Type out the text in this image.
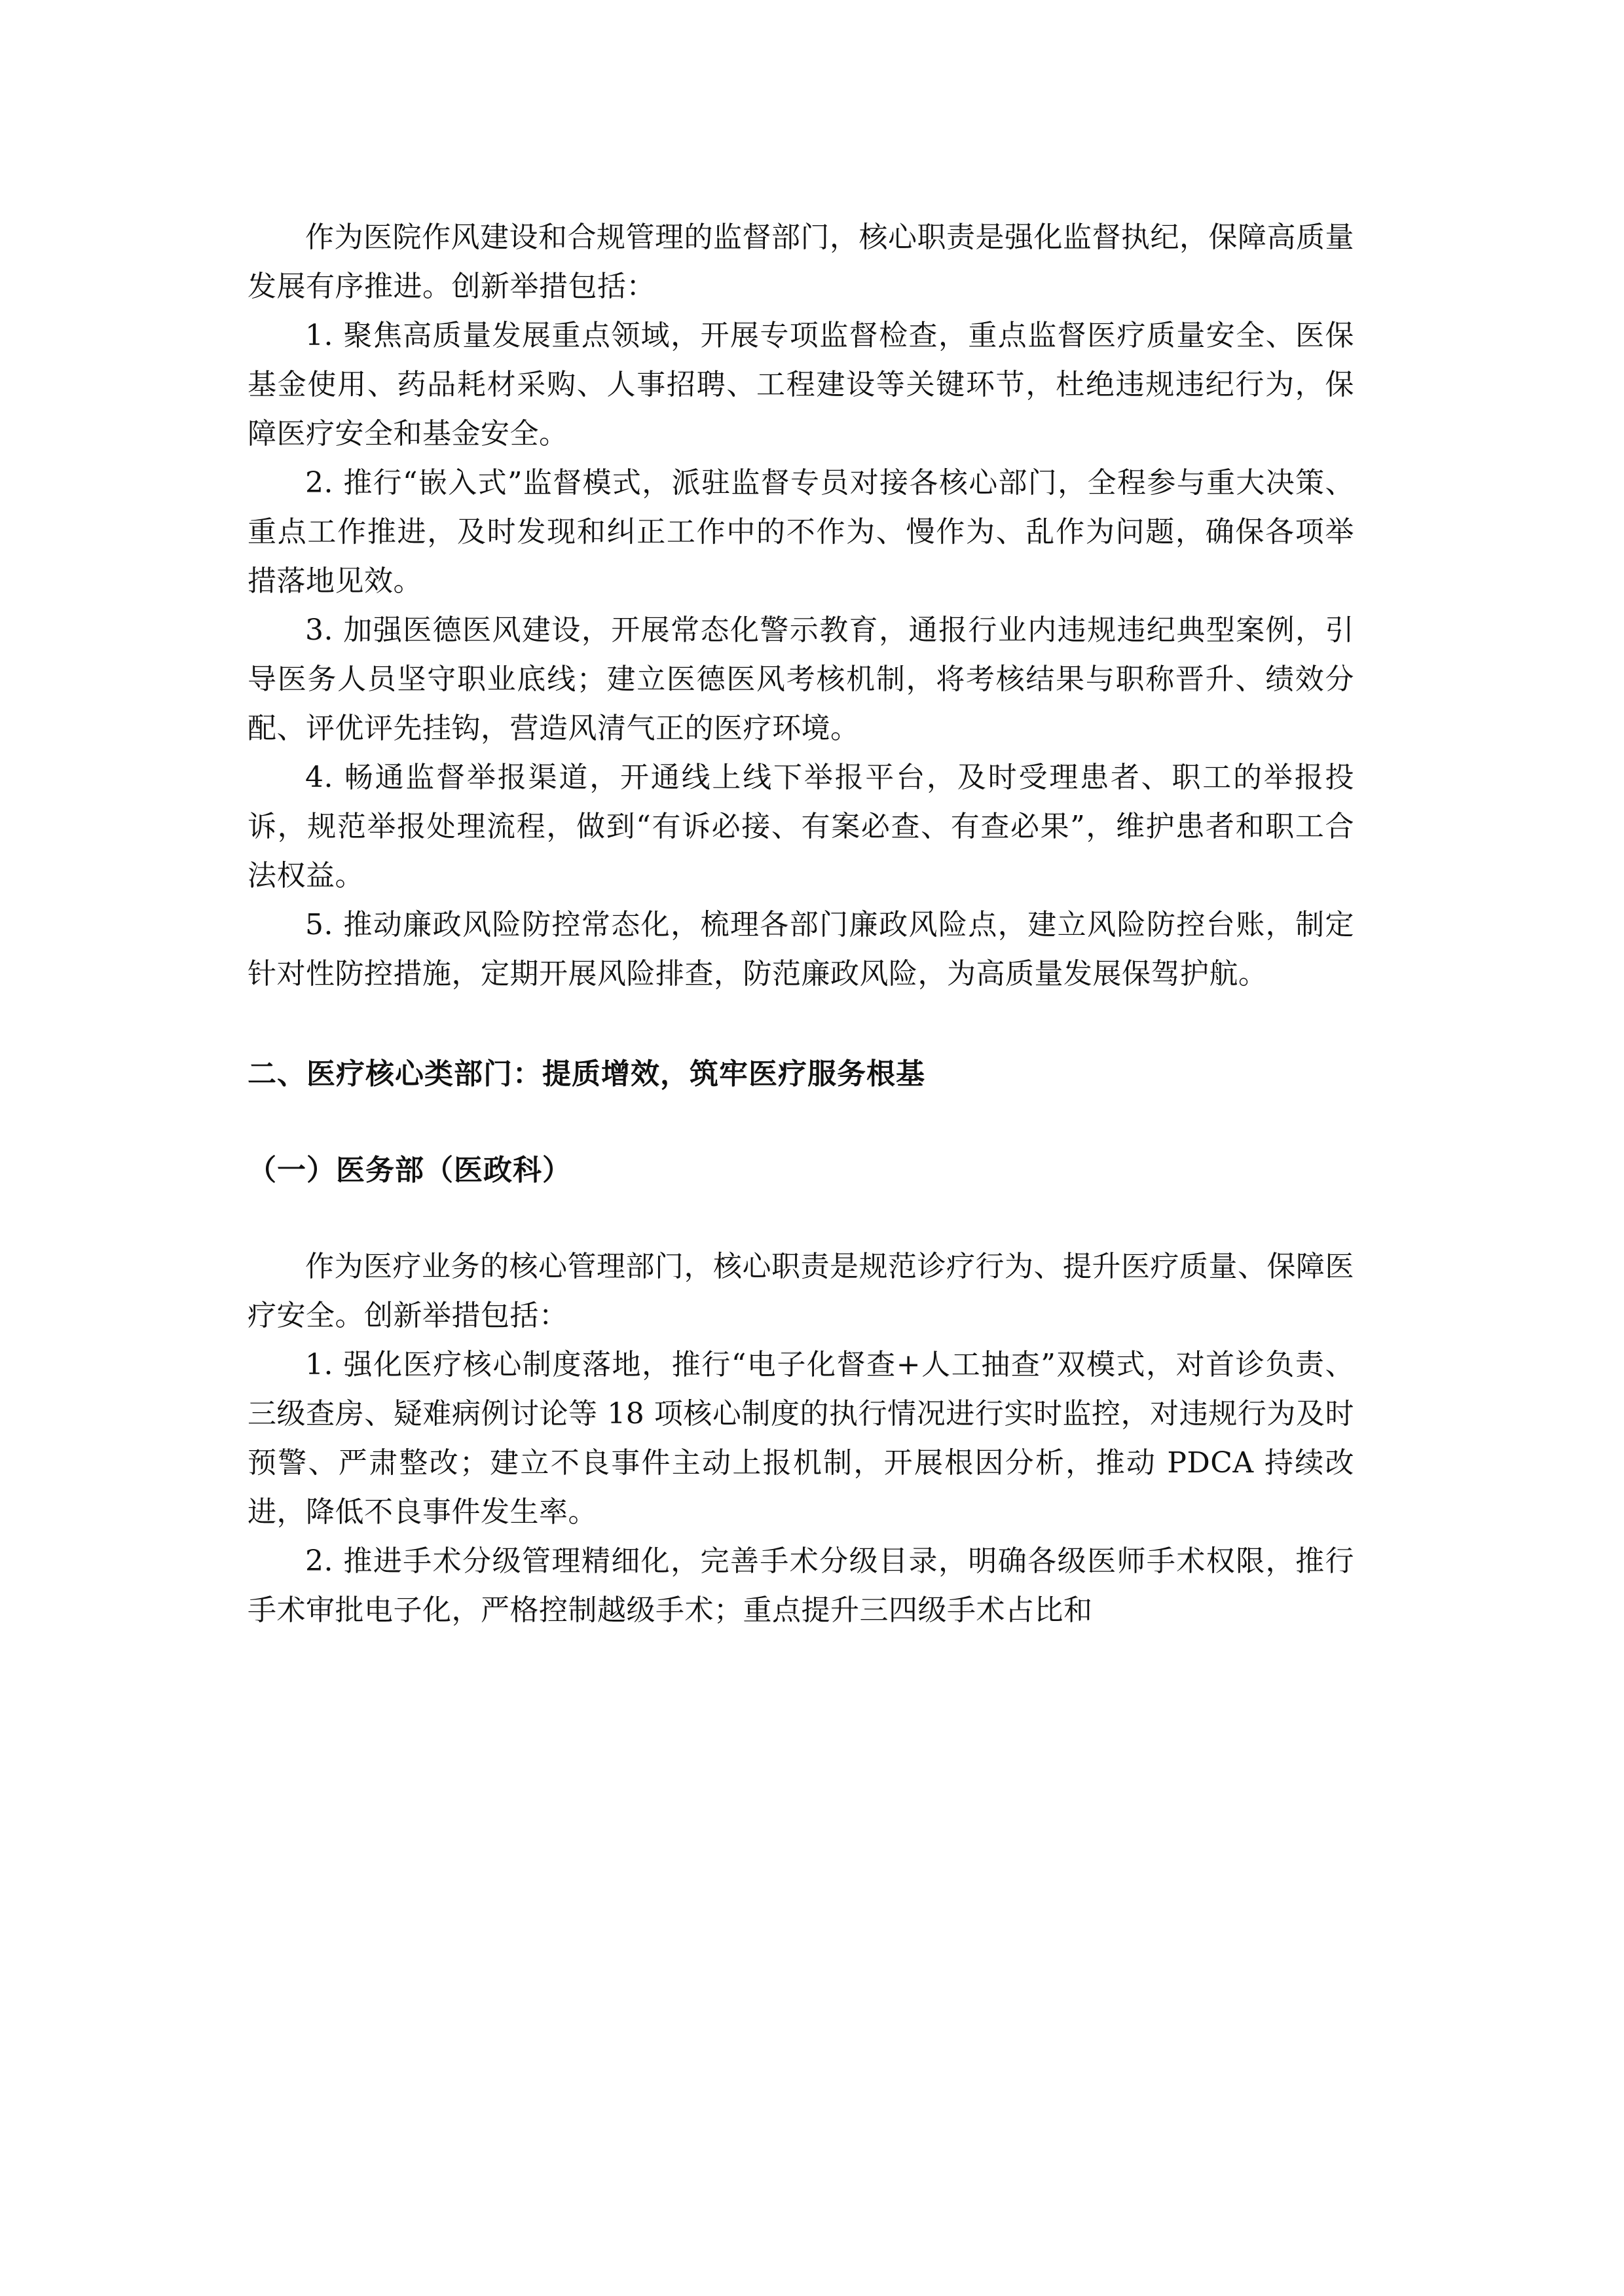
作为医院作风建设和合规管理的监督部门，核心职责是强化监督执纪，保障高质量发展有序推进。创新举措包括：

1. 聚焦高质量发展重点领域，开展专项监督检查，重点监督医疗质量安全、医保基金使用、药品耗材采购、人事招聘、工程建设等关键环节，杜绝违规违纪行为，保障医疗安全和基金安全。

2. 推行“嵌入式”监督模式，派驻监督专员对接各核心部门，全程参与重大决策、重点工作推进，及时发现和纠正工作中的不作为、慢作为、乱作为问题，确保各项举措落地见效。

3. 加强医德医风建设，开展常态化警示教育，通报行业内违规违纪典型案例，引导医务人员坚守职业底线；建立医德医风考核机制，将考核结果与职称晋升、绩效分配、评优评先挂钩，营造风清气正的医疗环境。

4. 畅通监督举报渠道，开通线上线下举报平台，及时受理患者、职工的举报投诉，规范举报处理流程，做到“有诉必接、有案必查、有查必果”，维护患者和职工合法权益。

5. 推动廉政风险防控常态化，梳理各部门廉政风险点，建立风险防控台账，制定针对性防控措施，定期开展风险排查，防范廉政风险，为高质量发展保驾护航。

二、医疗核心类部门：提质增效，筑牢医疗服务根基
（一）医务部（医政科）

作为医疗业务的核心管理部门，核心职责是规范诊疗行为、提升医疗质量、保障医疗安全。创新举措包括：

1. 强化医疗核心制度落地，推行“电子化督查+人工抽查”双模式，对首诊负责、三级查房、疑难病例讨论等 18 项核心制度的执行情况进行实时监控，对违规行为及时预警、严肃整改；建立不良事件主动上报机制，开展根因分析，推动 PDCA 持续改进，降低不良事件发生率。

2. 推进手术分级管理精细化，完善手术分级目录，明确各级医师手术权限，推行手术审批电子化，严格控制越级手术；重点提升三四级手术占比和
